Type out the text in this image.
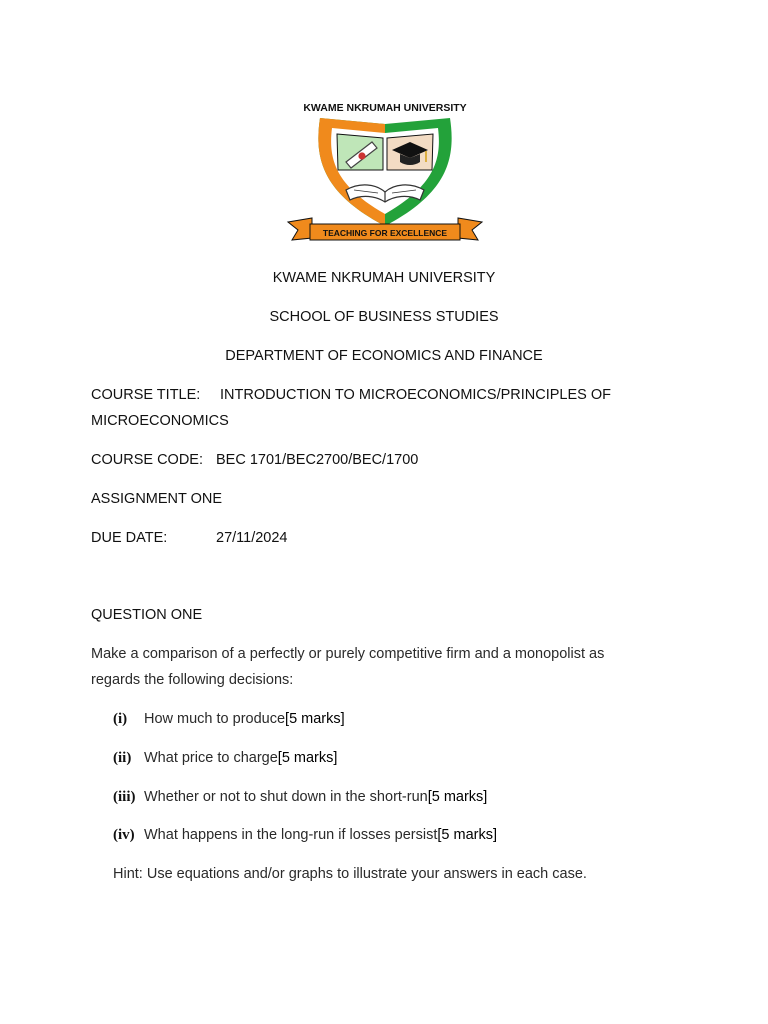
KWAME NKRUMAH UNIVERSITY
TEACHING FOR EXCELLENCE
KWAME NKRUMAH UNIVERSITY
SCHOOL OF BUSINESS STUDIES
DEPARTMENT OF ECONOMICS AND FINANCE
COURSE TITLE: INTRODUCTION TO MICROECONOMICS/PRINCIPLES OF
MICROECONOMICS
COURSE CODE: BEC 1701/BEC2700/BEC/1700
ASSIGNMENT ONE
DUE DATE:	27/11/2024
QUESTION ONE
Make a comparison of a perfectly or purely competitive firm and a monopolist as
regards the following decisions:
(i) How much to produce[5 marks]
(ii) What price to charge[5 marks]
(iii) Whether or not to shut down in the short-run[5 marks]
(iv) What happens in the long-run if losses persist[5 marks]
Hint: Use equations and/or graphs to illustrate your answers in each case.
